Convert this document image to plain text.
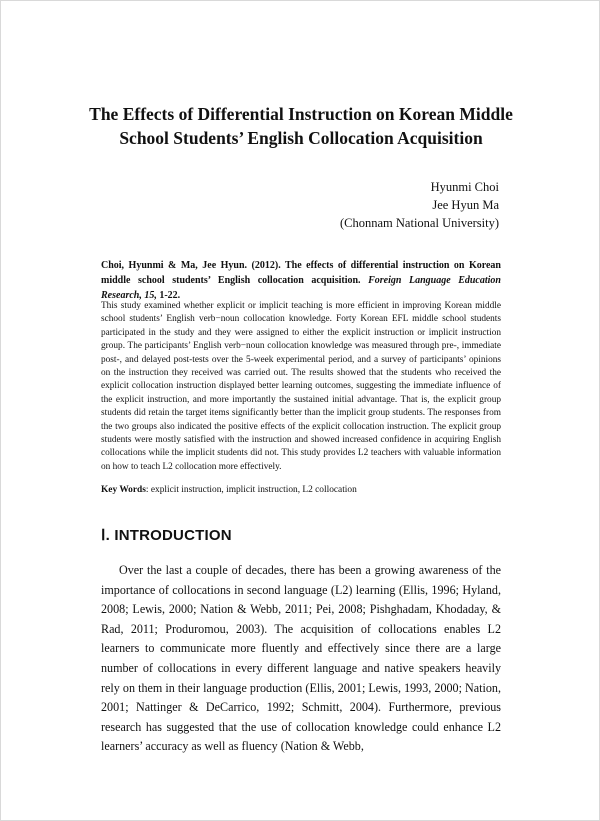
The Effects of Differential Instruction on Korean Middle
School Students’ English Collocation Acquisition
Hyunmi Choi
Jee Hyun Ma
(Chonnam National University)

Choi, Hyunmi & Ma, Jee Hyun. (2012). The effects of differential instruction on Korean middle school students’ English collocation acquisition. Foreign Language Education Research, 15, 1-22.

This study examined whether explicit or implicit teaching is more efficient in improving Korean middle school students’ English verb−noun collocation knowledge. Forty Korean EFL middle school students participated in the study and they were assigned to either the explicit instruction or implicit instruction group. The participants’ English verb−noun collocation knowledge was measured through pre-, immediate post-, and delayed post-tests over the 5-week experimental period, and a survey of participants’ opinions on the instruction they received was carried out. The results showed that the students who received the explicit collocation instruction displayed better learning outcomes, suggesting the immediate influence of the explicit instruction, and more importantly the sustained initial advantage. That is, the explicit group students did retain the target items significantly better than the implicit group students. The responses from the two groups also indicated the positive effects of the explicit collocation instruction. The explicit group students were mostly satisfied with the instruction and showed increased confidence in acquiring English collocations while the implicit students did not. This study provides L2 teachers with valuable information on how to teach L2 collocation more effectively.

Key Words: explicit instruction, implicit instruction, L2 collocation

Ⅰ. INTRODUCTION

Over the last a couple of decades, there has been a growing awareness of the importance of collocations in second language (L2) learning (Ellis, 1996; Hyland, 2008; Lewis, 2000; Nation & Webb, 2011; Pei, 2008; Pishghadam, Khodaday, & Rad, 2011; Produromou, 2003). The acquisition of collocations enables L2 learners to communicate more fluently and effectively since there are a large number of collocations in every different language and native speakers heavily rely on them in their language production (Ellis, 2001; Lewis, 1993, 2000; Nation, 2001; Nattinger & DeCarrico, 1992; Schmitt, 2004). Furthermore, previous research has suggested that the use of collocation knowledge could enhance L2 learners’ accuracy as well as fluency (Nation & Webb,
